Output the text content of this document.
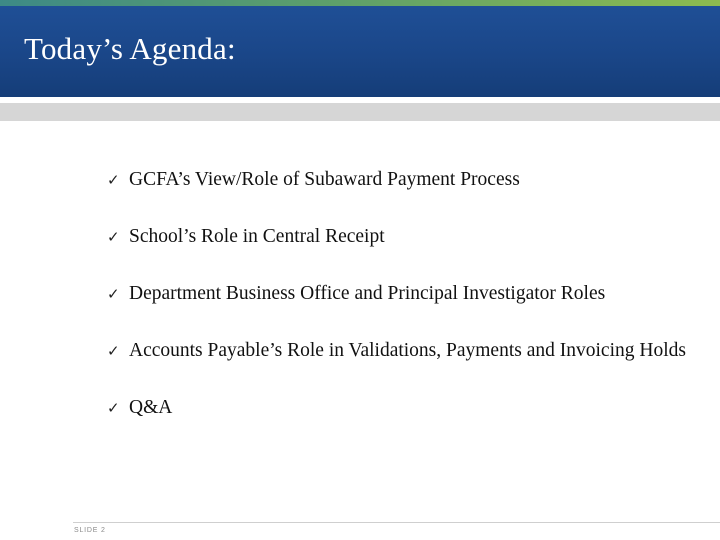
Today’s Agenda:
✓ GCFA’s View/Role of Subaward Payment Process
✓ School’s Role in Central Receipt
✓ Department Business Office and Principal Investigator Roles
✓ Accounts Payable’s Role in Validations, Payments and Invoicing Holds
✓ Q&A
SLIDE 2
